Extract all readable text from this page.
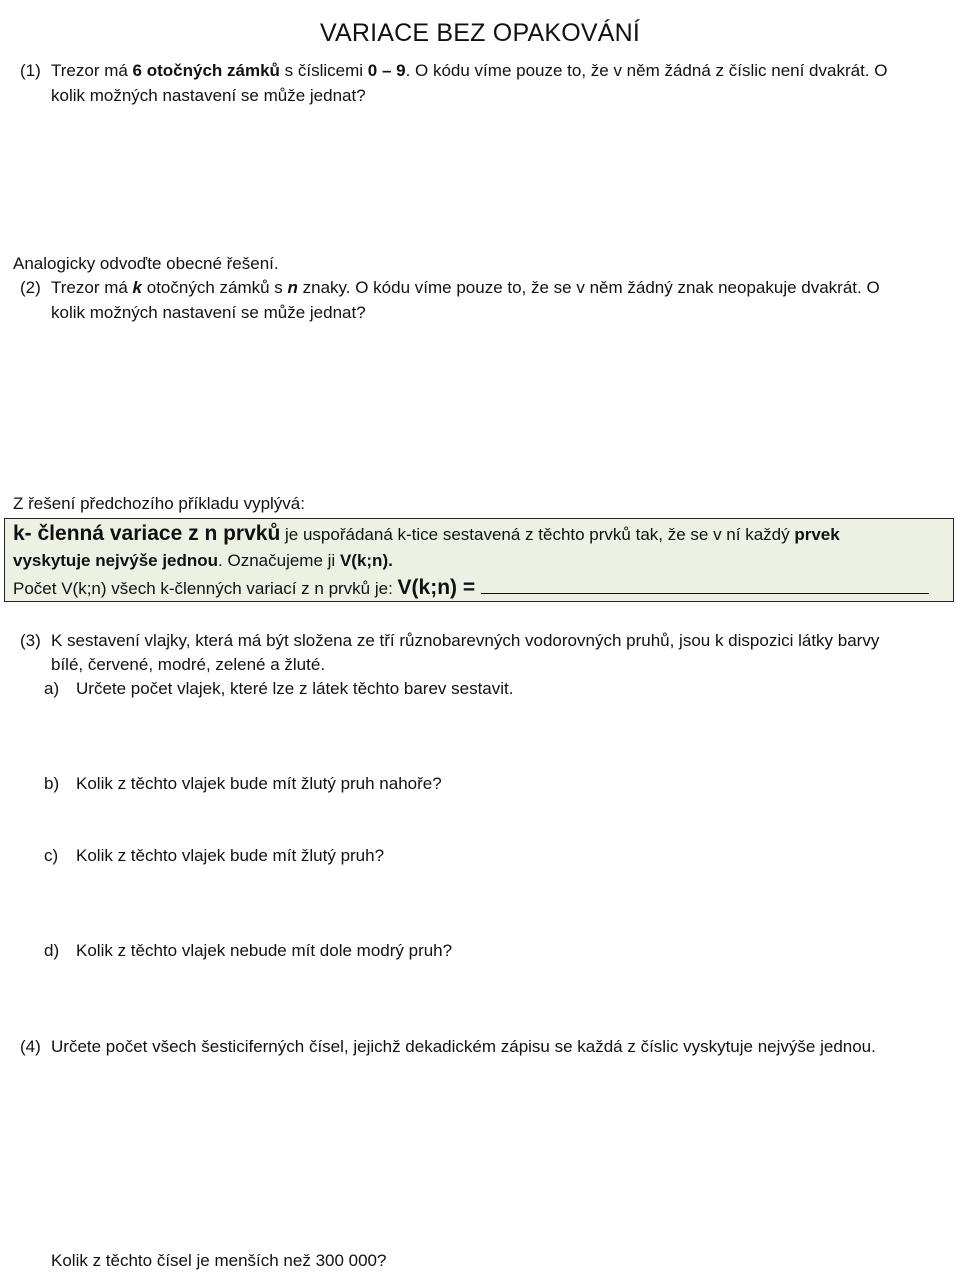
VARIACE BEZ OPAKOVÁNÍ
(1) Trezor má 6 otočných zámků s číslicemi 0 – 9. O kódu víme pouze to, že v něm žádná z číslic není dvakrát. O
kolik možných nastavení se může jednat?
Analogicky odvoďte obecné řešení.
(2) Trezor má k otočných zámků s n znaky. O kódu víme pouze to, že se v něm žádný znak neopakuje dvakrát. O
kolik možných nastavení se může jednat?
Z řešení předchozího příkladu vyplývá:
k- členná variace z n prvků je uspořádaná k-tice sestavená z těchto prvků tak, že se v ní každý prvek
vyskytuje nejvýše jednou. Označujeme ji V(k;n).
Počet V(k;n) všech k-členných variací z n prvků je: V(k;n) =
(3) K sestavení vlajky, která má být složena ze tří různobarevných vodorovných pruhů, jsou k dispozici látky barvy
bílé, červené, modré, zelené a žluté.
a) Určete počet vlajek, které lze z látek těchto barev sestavit.
b) Kolik z těchto vlajek bude mít žlutý pruh nahoře?
c) Kolik z těchto vlajek bude mít žlutý pruh?
d) Kolik z těchto vlajek nebude mít dole modrý pruh?
(4) Určete počet všech šesticiferných čísel, jejichž dekadickém zápisu se každá z číslic vyskytuje nejvýše jednou.
Kolik z těchto čísel je menších než 300 000?
